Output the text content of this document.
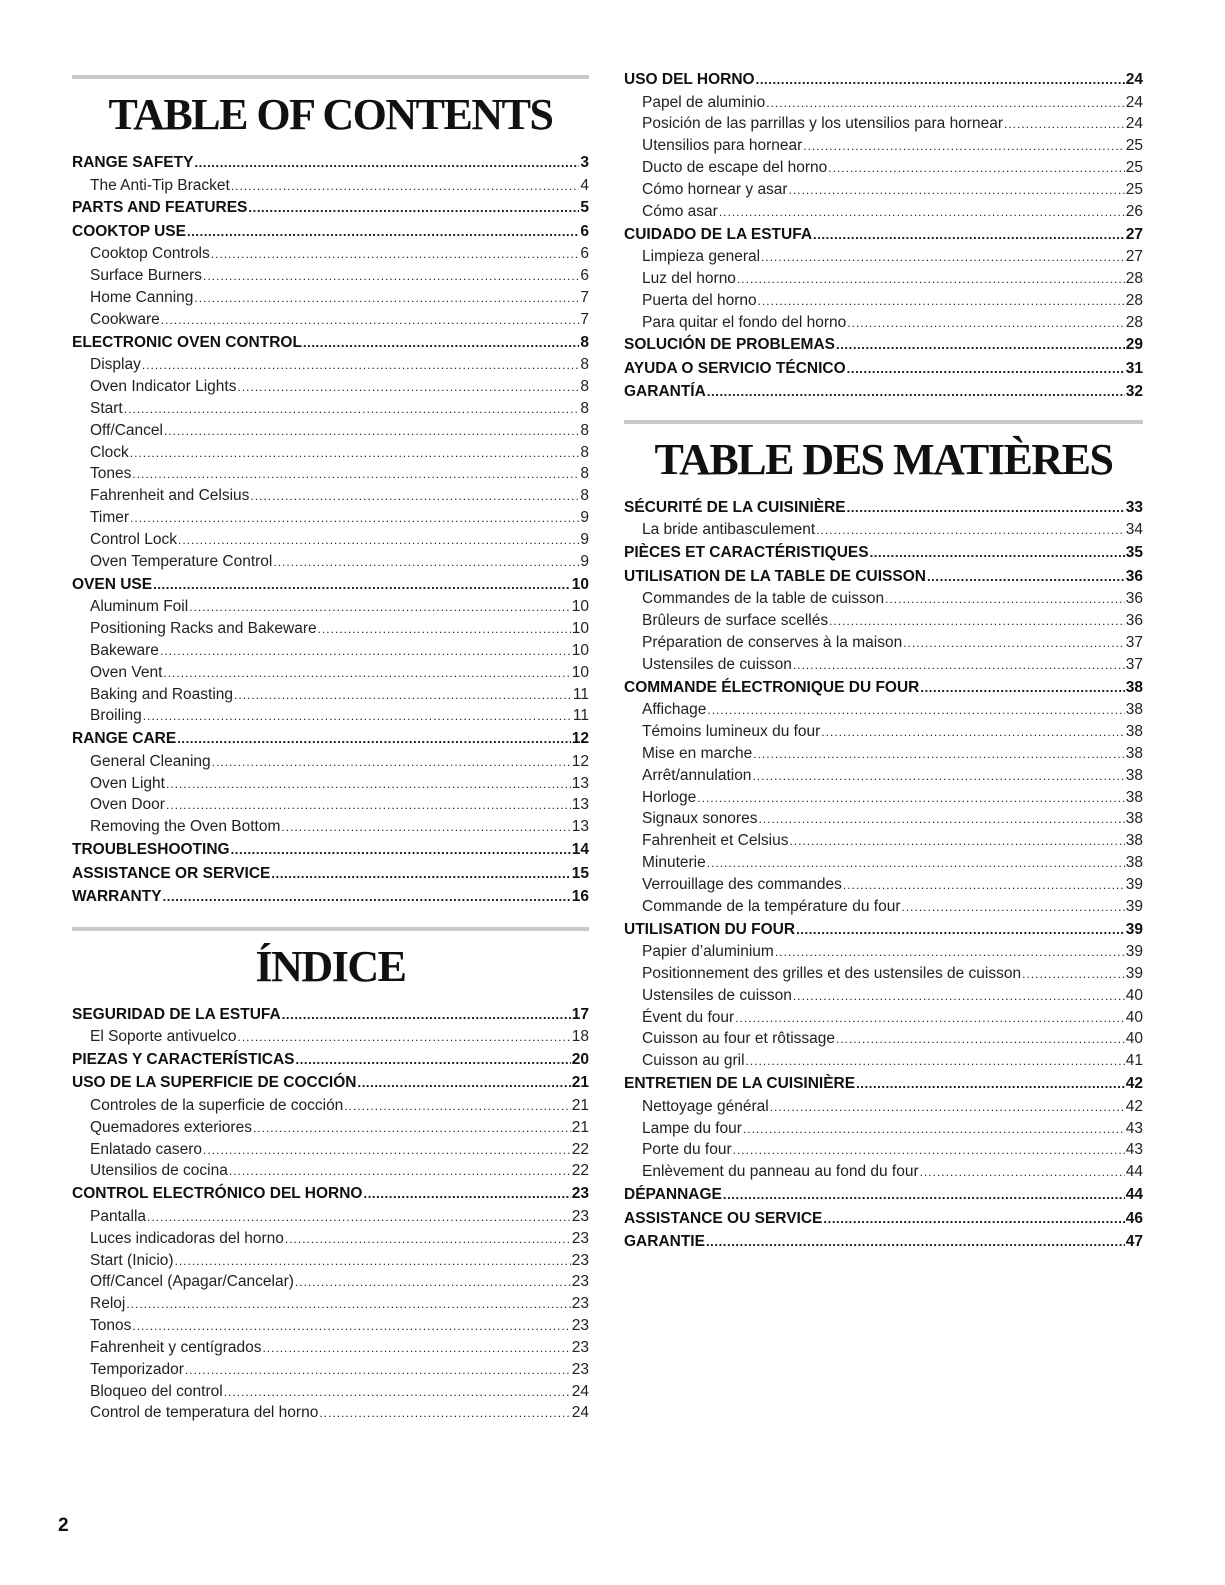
TABLE OF CONTENTS
RANGE SAFETY .....	3
The Anti-Tip Bracket .....	4
PARTS AND FEATURES .....	5
COOKTOP USE .....	6
Cooktop Controls .....	6
Surface Burners .....	6
Home Canning .....	7
Cookware .....	7
ELECTRONIC OVEN CONTROL .....	8
Display .....	8
Oven Indicator Lights .....	8
Start .....	8
Off/Cancel .....	8
Clock .....	8
Tones .....	8
Fahrenheit and Celsius .....	8
Timer .....	9
Control Lock .....	9
Oven Temperature Control .....	9
OVEN USE .....	10
Aluminum Foil .....	10
Positioning Racks and Bakeware .....	10
Bakeware .....	10
Oven Vent .....	10
Baking and Roasting .....	11
Broiling .....	11
RANGE CARE .....	12
General Cleaning .....	12
Oven Light .....	13
Oven Door .....	13
Removing the Oven Bottom .....	13
TROUBLESHOOTING .....	14
ASSISTANCE OR SERVICE .....	15
WARRANTY .....	16
ÍNDICE
SEGURIDAD DE LA ESTUFA .....	17
El Soporte antivuelco .....	18
PIEZAS Y CARACTERÍSTICAS .....	20
USO DE LA SUPERFICIE DE COCCIÓN .....	21
Controles de la superficie de cocción .....	21
Quemadores exteriores .....	21
Enlatado casero .....	22
Utensilios de cocina .....	22
CONTROL ELECTRÓNICO DEL HORNO .....	23
Pantalla .....	23
Luces indicadoras del horno .....	23
Start (Inicio) .....	23
Off/Cancel (Apagar/Cancelar) .....	23
Reloj .....	23
Tonos .....	23
Fahrenheit y centígrados .....	23
Temporizador .....	23
Bloqueo del control .....	24
Control de temperatura del horno .....	24
USO DEL HORNO .....	24
Papel de aluminio .....	24
Posición de las parrillas y los utensilios para hornear .....	24
Utensilios para hornear .....	25
Ducto de escape del horno .....	25
Cómo hornear y asar .....	25
Cómo asar .....	26
CUIDADO DE LA ESTUFA .....	27
Limpieza general .....	27
Luz del horno .....	28
Puerta del horno .....	28
Para quitar el fondo del horno .....	28
SOLUCIÓN DE PROBLEMAS .....	29
AYUDA O SERVICIO TÉCNICO .....	31
GARANTÍA .....	32
TABLE DES MATIÈRES
SÉCURITÉ DE LA CUISINIÈRE .....	33
La bride antibasculement .....	34
PIÈCES ET CARACTÉRISTIQUES .....	35
UTILISATION DE LA TABLE DE CUISSON .....	36
Commandes de la table de cuisson .....	36
Brûleurs de surface scellés .....	36
Préparation de conserves à la maison .....	37
Ustensiles de cuisson .....	37
COMMANDE ÉLECTRONIQUE DU FOUR .....	38
Affichage .....	38
Témoins lumineux du four .....	38
Mise en marche .....	38
Arrêt/annulation .....	38
Horloge .....	38
Signaux sonores .....	38
Fahrenheit et Celsius .....	38
Minuterie .....	38
Verrouillage des commandes .....	39
Commande de la température du four .....	39
UTILISATION DU FOUR .....	39
Papier d’aluminium .....	39
Positionnement des grilles et des ustensiles de cuisson .....	39
Ustensiles de cuisson .....	40
Évent du four .....	40
Cuisson au four et rôtissage .....	40
Cuisson au gril .....	41
ENTRETIEN DE LA CUISINIÈRE .....	42
Nettoyage général .....	42
Lampe du four .....	43
Porte du four .....	43
Enlèvement du panneau au fond du four .....	44
DÉPANNAGE .....	44
ASSISTANCE OU SERVICE .....	46
GARANTIE .....	47
2
